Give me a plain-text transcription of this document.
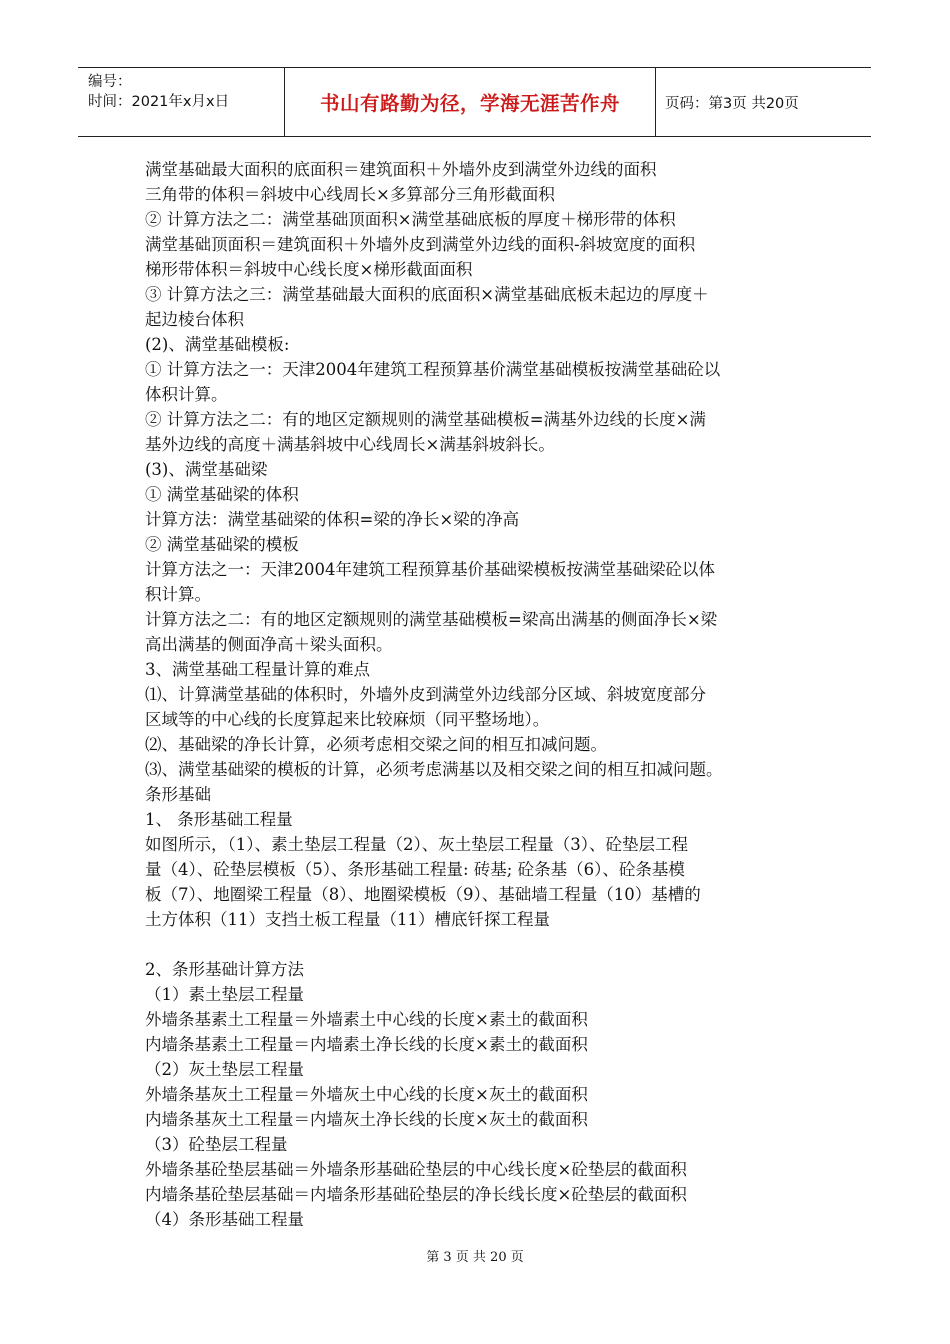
编号：
时间：2021年x月x日	书山有路勤为径，学海无涯苦作舟	页码：第3页 共20页
满堂基础最大面积的底面积＝建筑面积＋外墙外皮到满堂外边线的面积
三角带的体积＝斜坡中心线周长×多算部分三角形截面积
② 计算方法之二：满堂基础顶面积×满堂基础底板的厚度＋梯形带的体积
满堂基础顶面积＝建筑面积＋外墙外皮到满堂外边线的面积-斜坡宽度的面积
梯形带体积＝斜坡中心线长度×梯形截面面积
③ 计算方法之三：满堂基础最大面积的底面积×满堂基础底板未起边的厚度＋
起边棱台体积
(2)、满堂基础模板:
① 计算方法之一：天津2004年建筑工程预算基价满堂基础模板按满堂基础砼以
体积计算。
② 计算方法之二：有的地区定额规则的满堂基础模板=满基外边线的长度×满
基外边线的高度＋满基斜坡中心线周长×满基斜坡斜长。
(3)、满堂基础梁
① 满堂基础梁的体积
计算方法：满堂基础梁的体积=梁的净长×梁的净高
② 满堂基础梁的模板
计算方法之一：天津2004年建筑工程预算基价基础梁模板按满堂基础梁砼以体
积计算。
计算方法之二：有的地区定额规则的满堂基础模板=梁高出满基的侧面净长×梁
高出满基的侧面净高＋梁头面积。
3、满堂基础工程量计算的难点
⑴、计算满堂基础的体积时，外墙外皮到满堂外边线部分区域、斜坡宽度部分
区域等的中心线的长度算起来比较麻烦（同平整场地）。
⑵、基础梁的净长计算，必须考虑相交梁之间的相互扣减问题。
⑶、满堂基础梁的模板的计算，必须考虑满基以及相交梁之间的相互扣减问题。
条形基础
1、 条形基础工程量
如图所示，（1）、素土垫层工程量（2）、灰土垫层工程量（3）、砼垫层工程
量（4）、砼垫层模板（5）、条形基础工程量: 砖基; 砼条基（6）、砼条基模
板（7）、地圈梁工程量（8）、地圈梁模板（9）、基础墙工程量（10）基槽的
土方体积（11）支挡土板工程量（11）槽底钎探工程量
2、条形基础计算方法
（1）素土垫层工程量
外墙条基素土工程量＝外墙素土中心线的长度×素土的截面积
内墙条基素土工程量＝内墙素土净长线的长度×素土的截面积
（2）灰土垫层工程量
外墙条基灰土工程量＝外墙灰土中心线的长度×灰土的截面积
内墙条基灰土工程量＝内墙灰土净长线的长度×灰土的截面积
（3）砼垫层工程量
外墙条基砼垫层基础＝外墙条形基础砼垫层的中心线长度×砼垫层的截面积
内墙条基砼垫层基础＝内墙条形基础砼垫层的净长线长度×砼垫层的截面积
（4）条形基础工程量
第 3 页 共 20 页
